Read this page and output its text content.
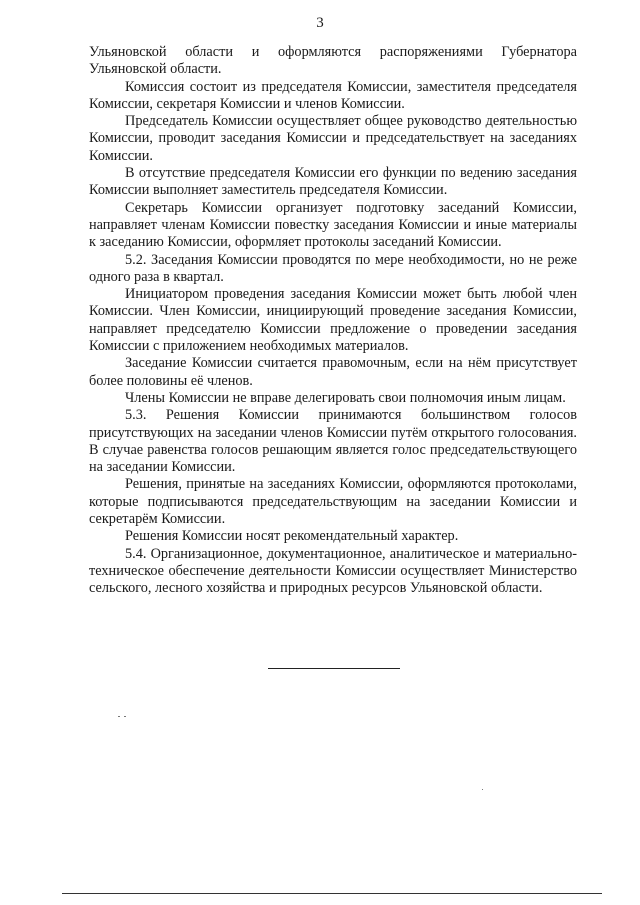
3

Ульяновской области и оформляются распоряжениями Губернатора Ульяновской области.

Комиссия состоит из председателя Комиссии, заместителя председателя Комиссии, секретаря Комиссии и членов Комиссии.

Председатель Комиссии осуществляет общее руководство деятельностью Комиссии, проводит заседания Комиссии и председательствует на заседаниях Комиссии.

В отсутствие председателя Комиссии его функции по ведению заседания Комиссии выполняет заместитель председателя Комиссии.

Секретарь Комиссии организует подготовку заседаний Комиссии, направляет членам Комиссии повестку заседания Комиссии и иные материалы к заседанию Комиссии, оформляет протоколы заседаний Комиссии.

5.2. Заседания Комиссии проводятся по мере необходимости, но не реже одного раза в квартал.

Инициатором проведения заседания Комиссии может быть любой член Комиссии. Член Комиссии, инициирующий проведение заседания Комиссии, направляет председателю Комиссии предложение о проведении заседания Комиссии с приложением необходимых материалов.

Заседание Комиссии считается правомочным, если на нём присутствует более половины её членов.

Члены Комиссии не вправе делегировать свои полномочия иным лицам.

5.3. Решения Комиссии принимаются большинством голосов присутствующих на заседании членов Комиссии путём открытого голосования. В случае равенства голосов решающим является голос председательствующего на заседании Комиссии.

Решения, принятые на заседаниях Комиссии, оформляются протоколами, которые подписываются председательствующим на заседании Комиссии и секретарём Комиссии.

Решения Комиссии носят рекомендательный характер.

5.4. Организационное, документационное, аналитическое и материально-техническое обеспечение деятельности Комиссии осуществляет Министерство сельского, лесного хозяйства и природных ресурсов Ульяновской области.
